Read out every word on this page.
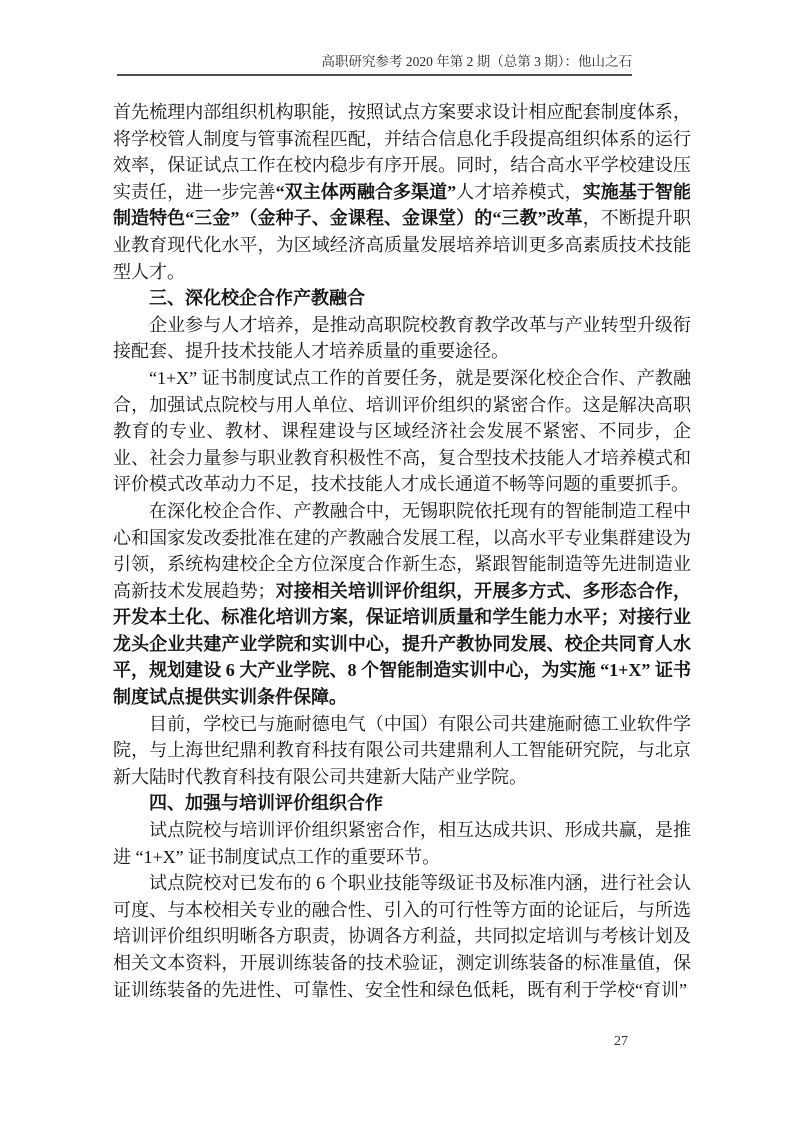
高职研究参考 2020 年第 2 期（总第 3 期）：他山之石

首先梳理内部组织机构职能，按照试点方案要求设计相应配套制度体系，将学校管人制度与管事流程匹配，并结合信息化手段提高组织体系的运行效率，保证试点工作在校内稳步有序开展。同时，结合高水平学校建设压实责任，进一步完善“双主体两融合多渠道”人才培养模式，实施基于智能制造特色“三金”（金种子、金课程、金课堂）的“三教”改革，不断提升职业教育现代化水平，为区域经济高质量发展培养培训更多高素质技术技能型人才。

三、深化校企合作产教融合

企业参与人才培养，是推动高职院校教育教学改革与产业转型升级衔接配套、提升技术技能人才培养质量的重要途径。

“1+X” 证书制度试点工作的首要任务，就是要深化校企合作、产教融合，加强试点院校与用人单位、培训评价组织的紧密合作。这是解决高职教育的专业、教材、课程建设与区域经济社会发展不紧密、不同步，企业、社会力量参与职业教育积极性不高，复合型技术技能人才培养模式和评价模式改革动力不足，技术技能人才成长通道不畅等问题的重要抓手。

在深化校企合作、产教融合中，无锡职院依托现有的智能制造工程中心和国家发改委批准在建的产教融合发展工程，以高水平专业集群建设为引领，系统构建校企全方位深度合作新生态，紧跟智能制造等先进制造业高新技术发展趋势；对接相关培训评价组织，开展多方式、多形态合作，开发本土化、标准化培训方案，保证培训质量和学生能力水平；对接行业龙头企业共建产业学院和实训中心，提升产教协同发展、校企共同育人水平，规划建设 6 大产业学院、8 个智能制造实训中心，为实施 “1+X” 证书制度试点提供实训条件保障。

目前，学校已与施耐德电气（中国）有限公司共建施耐德工业软件学院，与上海世纪鼎利教育科技有限公司共建鼎利人工智能研究院，与北京新大陆时代教育科技有限公司共建新大陆产业学院。

四、加强与培训评价组织合作

试点院校与培训评价组织紧密合作，相互达成共识、形成共赢，是推进 “1+X” 证书制度试点工作的重要环节。

试点院校对已发布的 6 个职业技能等级证书及标准内涵，进行社会认可度、与本校相关专业的融合性、引入的可行性等方面的论证后，与所选培训评价组织明晰各方职责，协调各方利益，共同拟定培训与考核计划及相关文本资料，开展训练装备的技术验证，测定训练装备的标准量值，保证训练装备的先进性、可靠性、安全性和绿色低耗，既有利于学校“育训”

27
